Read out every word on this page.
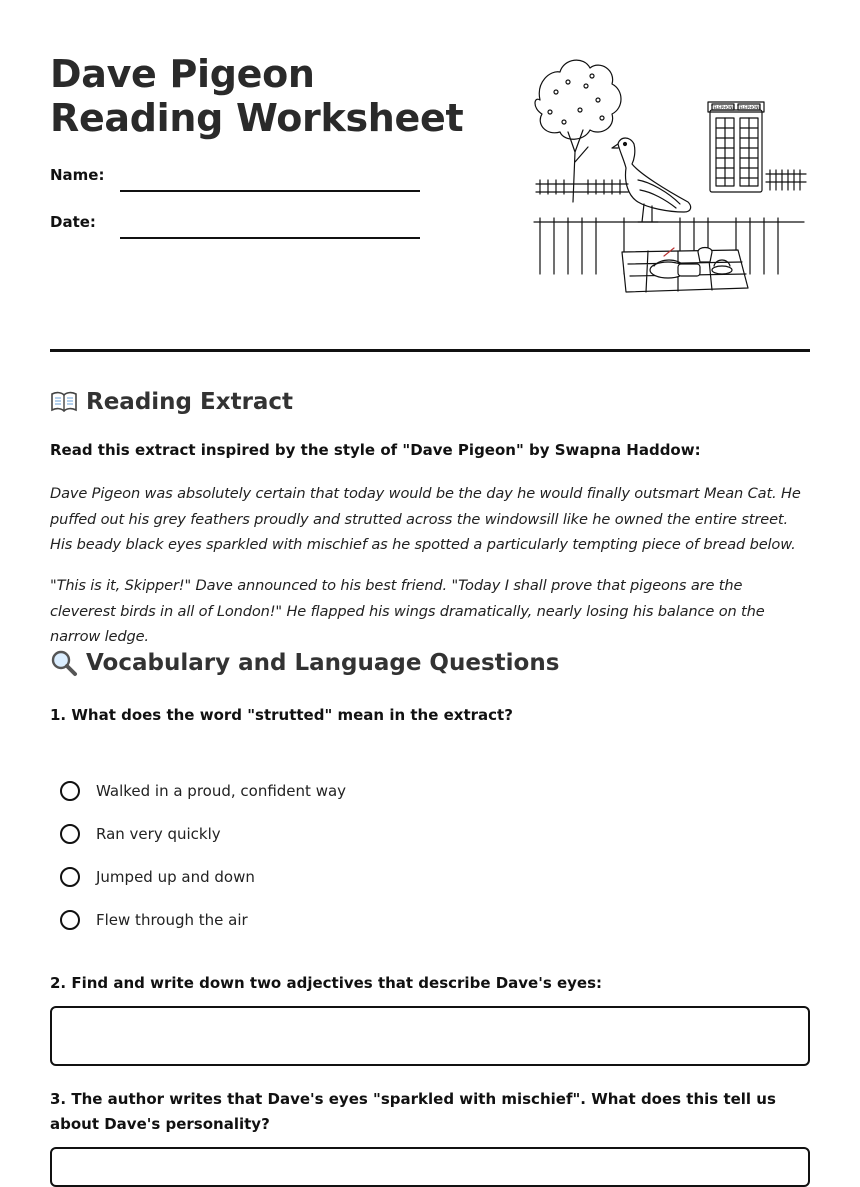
Dave Pigeon Reading Worksheet
Name:
Date:
TELEPHONE TELEPHONE
Reading Extract

Read this extract inspired by the style of "Dave Pigeon" by Swapna Haddow:

Dave Pigeon was absolutely certain that today would be the day he would finally outsmart Mean Cat. He puffed out his grey feathers proudly and strutted across the windowsill like he owned the entire street. His beady black eyes sparkled with mischief as he spotted a particularly tempting piece of bread below.

"This is it, Skipper!" Dave announced to his best friend. "Today I shall prove that pigeons are the cleverest birds in all of London!" He flapped his wings dramatically, nearly losing his balance on the narrow ledge.

Vocabulary and Language Questions

1. What does the word "strutted" mean in the extract?

Walked in a proud, confident way
Ran very quickly
Jumped up and down
Flew through the air

2. Find and write down two adjectives that describe Dave's eyes:

3. The author writes that Dave's eyes "sparkled with mischief". What does this tell us about Dave's personality?
